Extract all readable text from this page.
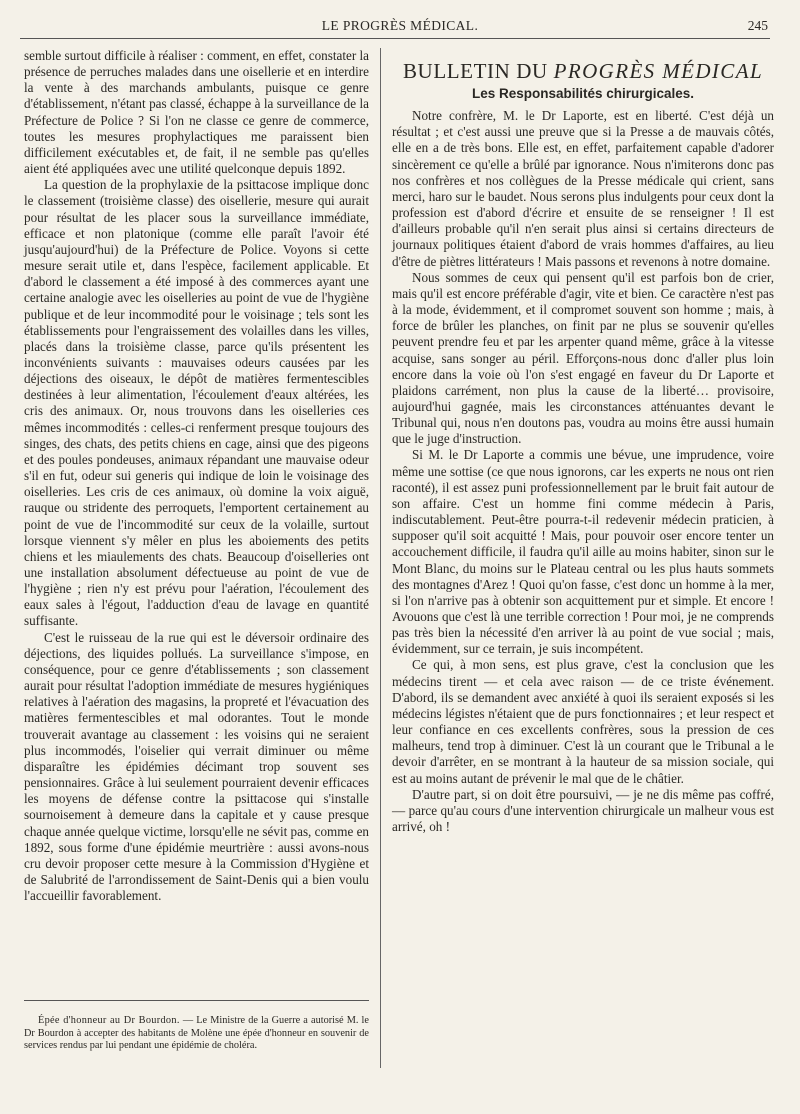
LE PROGRÈS MÉDICAL.	245

semble surtout difficile à réaliser : comment, en effet, constater la présence de perruches malades dans une oisellerie et en interdire la vente à des marchands ambulants, puisque ce genre d'établissement, n'étant pas classé, échappe à la surveillance de la Préfecture de Police ? Si l'on ne classe ce genre de commerce, toutes les mesures prophylactiques me paraissent bien difficilement exécutables et, de fait, il ne semble pas qu'elles aient été appliquées avec une utilité quelconque depuis 1892.

La question de la prophylaxie de la psittacose implique donc le classement (troisième classe) des oisellerie, mesure qui aurait pour résultat de les placer sous la surveillance immédiate, efficace et non platonique (comme elle paraît l'avoir été jusqu'aujourd'hui) de la Préfecture de Police. Voyons si cette mesure serait utile et, dans l'espèce, facilement applicable. Et d'abord le classement a été imposé à des commerces ayant une certaine analogie avec les oiselleries au point de vue de l'hygiène publique et de leur incommodité pour le voisinage ; tels sont les établissements pour l'engraissement des volailles dans les villes, placés dans la troisième classe, parce qu'ils présentent les inconvénients suivants : mauvaises odeurs causées par les déjections des oiseaux, le dépôt de matières fermentescibles destinées à leur alimentation, l'écoulement d'eaux altérées, les cris des animaux. Or, nous trouvons dans les oiselleries ces mêmes incommodités : celles-ci renferment presque toujours des singes, des chats, des petits chiens en cage, ainsi que des pigeons et des poules pondeuses, animaux répandant une mauvaise odeur s'il en fut, odeur sui generis qui indique de loin le voisinage des oiselleries. Les cris de ces animaux, où domine la voix aiguë, rauque ou stridente des perroquets, l'emportent certainement au point de vue de l'incommodité sur ceux de la volaille, surtout lorsque viennent s'y mêler en plus les aboiements des petits chiens et les miaulements des chats. Beaucoup d'oiselleries ont une installation absolument défectueuse au point de vue de l'hygiène ; rien n'y est prévu pour l'aération, l'écoulement des eaux sales à l'égout, l'adduction d'eau de lavage en quantité suffisante.

C'est le ruisseau de la rue qui est le déversoir ordinaire des déjections, des liquides pollués. La surveillance s'impose, en conséquence, pour ce genre d'établissements ; son classement aurait pour résultat l'adoption immédiate de mesures hygiéniques relatives à l'aération des magasins, la propreté et l'évacuation des matières fermentescibles et mal odorantes. Tout le monde trouverait avantage au classement : les voisins qui ne seraient plus incommodés, l'oiselier qui verrait diminuer ou même disparaître les épidémies décimant trop souvent ses pensionnaires. Grâce à lui seulement pourraient devenir efficaces les moyens de défense contre la psittacose qui s'installe sournoisement à demeure dans la capitale et y cause presque chaque année quelque victime, lorsqu'elle ne sévit pas, comme en 1892, sous forme d'une épidémie meurtrière : aussi avons-nous cru devoir proposer cette mesure à la Commission d'Hygiène et de Salubrité de l'arrondissement de Saint-Denis qui a bien voulu l'accueillir favorablement.

Épée d'honneur au Dr Bourdon. — Le Ministre de la Guerre a autorisé M. le Dr Bourdon à accepter des habitants de Molène une épée d'honneur en souvenir de services rendus par lui pendant une épidémie de choléra.

BULLETIN DU PROGRÈS MÉDICAL
Les Responsabilités chirurgicales.

Notre confrère, M. le Dr Laporte, est en liberté. C'est déjà un résultat ; et c'est aussi une preuve que si la Presse a de mauvais côtés, elle en a de très bons. Elle est, en effet, parfaitement capable d'adorer sincèrement ce qu'elle a brûlé par ignorance. Nous n'imiterons donc pas nos confrères et nos collègues de la Presse médicale qui crient, sans merci, haro sur le baudet. Nous serons plus indulgents pour ceux dont la profession est d'abord d'écrire et ensuite de se renseigner ! Il est d'ailleurs probable qu'il n'en serait plus ainsi si certains directeurs de journaux politiques étaient d'abord de vrais hommes d'affaires, au lieu d'être de piètres littérateurs ! Mais passons et revenons à notre domaine.

Nous sommes de ceux qui pensent qu'il est parfois bon de crier, mais qu'il est encore préférable d'agir, vite et bien. Ce caractère n'est pas à la mode, évidemment, et il compromet souvent son homme ; mais, à force de brûler les planches, on finit par ne plus se souvenir qu'elles peuvent prendre feu et par les arpenter quand même, grâce à la vitesse acquise, sans songer au péril. Efforçons-nous donc d'aller plus loin encore dans la voie où l'on s'est engagé en faveur du Dr Laporte et plaidons carrément, non plus la cause de la liberté… provisoire, aujourd'hui gagnée, mais les circonstances atténuantes devant le Tribunal qui, nous n'en doutons pas, voudra au moins être aussi humain que le juge d'instruction.

Si M. le Dr Laporte a commis une bévue, une imprudence, voire même une sottise (ce que nous ignorons, car les experts ne nous ont rien raconté), il est assez puni professionnellement par le bruit fait autour de son affaire. C'est un homme fini comme médecin à Paris, indiscutablement. Peut-être pourra-t-il redevenir médecin praticien, à supposer qu'il soit acquitté ! Mais, pour pouvoir oser encore tenter un accouchement difficile, il faudra qu'il aille au moins habiter, sinon sur le Mont Blanc, du moins sur le Plateau central ou les plus hauts sommets des montagnes d'Arez ! Quoi qu'on fasse, c'est donc un homme à la mer, si l'on n'arrive pas à obtenir son acquittement pur et simple. Et encore ! Avouons que c'est là une terrible correction ! Pour moi, je ne comprends pas très bien la nécessité d'en arriver là au point de vue social ; mais, évidemment, sur ce terrain, je suis incompétent.

Ce qui, à mon sens, est plus grave, c'est la conclusion que les médecins tirent — et cela avec raison — de ce triste événement. D'abord, ils se demandent avec anxiété à quoi ils seraient exposés si les médecins légistes n'étaient que de purs fonctionnaires ; et leur respect et leur confiance en ces excellents confrères, sous la pression de ces malheurs, tend trop à diminuer. C'est là un courant que le Tribunal a le devoir d'arrêter, en se montrant à la hauteur de sa mission sociale, qui est au moins autant de prévenir le mal que de le châtier.

D'autre part, si on doit être poursuivi, — je ne dis même pas coffré, — parce qu'au cours d'une intervention chirurgicale un malheur vous est arrivé, oh !
